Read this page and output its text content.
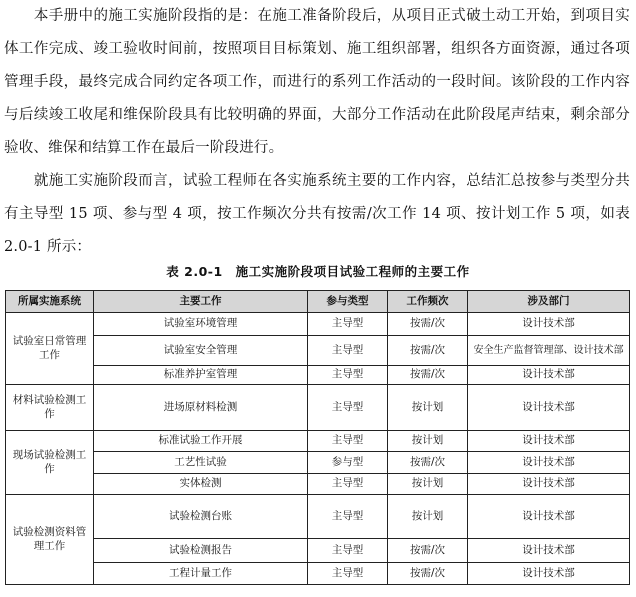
　　本手册中的施工实施阶段指的是：在施工准备阶段后，从项目正式破土动工开始，到项目实体工作完成、竣工验收时间前，按照项目目标策划、施工组织部署，组织各方面资源，通过各项管理手段，最终完成合同约定各项工作，而进行的系列工作活动的一段时间。该阶段的工作内容与后续竣工收尾和维保阶段具有比较明确的界面，大部分工作活动在此阶段尾声结束，剩余部分验收、维保和结算工作在最后一阶段进行。
　　就施工实施阶段而言，试验工程师在各实施系统主要的工作内容，总结汇总按参与类型分共有主导型 15 项、参与型 4 项，按工作频次分共有按需/次工作 14 项、按计划工作 5 项，如表 2.0-1 所示：
表 2.0-1　施工实施阶段项目试验工程师的主要工作
所属实施系统	主要工作	参与类型	工作频次	涉及部门
试验室日常管理工作	试验室环境管理	主导型	按需/次	设计技术部
	试验室安全管理	主导型	按需/次	安全生产监督管理部、设计技术部
	标准养护室管理	主导型	按需/次	设计技术部
材料试验检测工作	进场原材料检测	主导型	按计划	设计技术部
现场试验检测工作	标准试验工作开展	主导型	按计划	设计技术部
	工艺性试验	参与型	按需/次	设计技术部
	实体检测	主导型	按计划	设计技术部
试验检测资料管理工作	试验检测台账	主导型	按计划	设计技术部
	试验检测报告	主导型	按需/次	设计技术部
	工程计量工作	主导型	按需/次	设计技术部
